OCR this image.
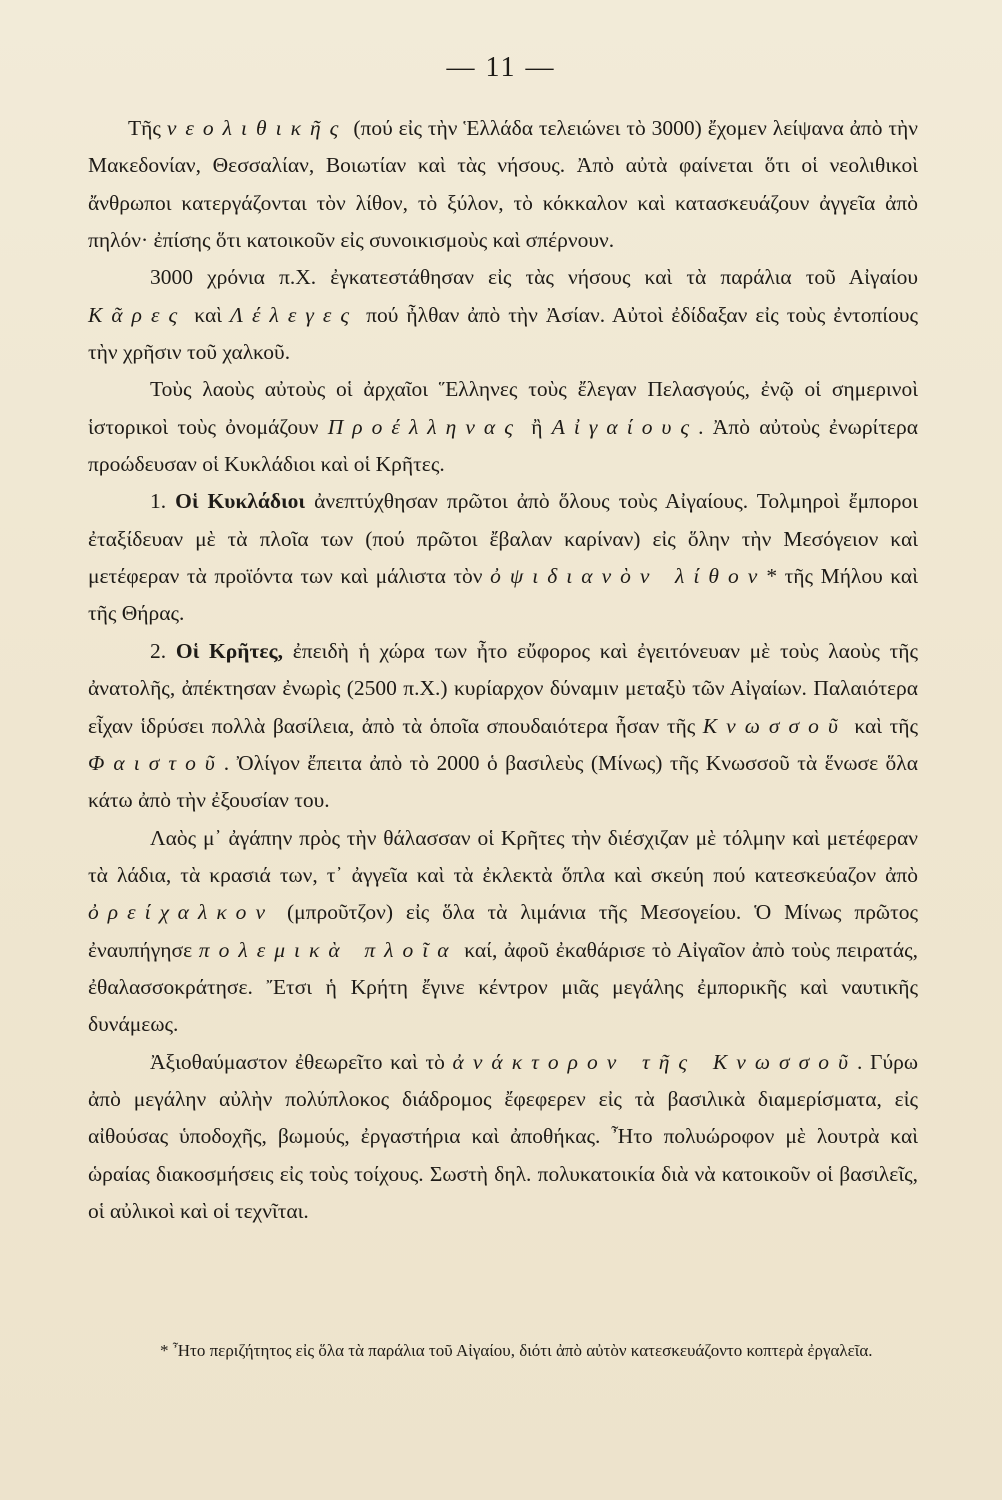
— 11 —

Τῆς νεολιθικῆς (πού εἰς τὴν Ἑλλάδα τελειώνει τὸ 3000) ἔχομεν λείψανα ἀπὸ τὴν Μακεδονίαν, Θεσσαλίαν, Βοιωτίαν καὶ τὰς νήσους. Ἀπὸ αὐτὰ φαίνεται ὅτι οἱ νεολιθικοὶ ἄνθρωποι κατεργάζονται τὸν λίθον, τὸ ξύλον, τὸ κόκκαλον καὶ κατασκευάζουν ἀγγεῖα ἀπὸ πηλόν· ἐπίσης ὅτι κατοικοῦν εἰς συνοικισμοὺς καὶ σπέρνουν.

3000 χρόνια π.Χ. ἐγκατεστάθησαν εἰς τὰς νήσους καὶ τὰ παράλια τοῦ Αἰγαίου Κᾶρες καὶ Λέλεγες πού ἦλθαν ἀπὸ τὴν Ἀσίαν. Αὐτοὶ ἐδίδαξαν εἰς τοὺς ἐντοπίους τὴν χρῆσιν τοῦ χαλκοῦ.

Τοὺς λαοὺς αὐτοὺς οἱ ἀρχαῖοι Ἕλληνες τοὺς ἔλεγαν Πελασγούς, ἐνῷ οἱ σημερινοὶ ἱστορικοὶ τοὺς ὀνομάζουν Προέλληνας ἢ Αἰγαίους. Ἀπὸ αὐτοὺς ἐνωρίτερα προώδευσαν οἱ Κυκλάδιοι καὶ οἱ Κρῆτες.

1. Οἱ Κυκλάδιοι ἀνεπτύχθησαν πρῶτοι ἀπὸ ὅλους τοὺς Αἰγαίους. Τολμηροὶ ἔμποροι ἐταξίδευαν μὲ τὰ πλοῖα των (πού πρῶτοι ἔβαλαν καρίναν) εἰς ὅλην τὴν Μεσόγειον καὶ μετέφεραν τὰ προϊόντα των καὶ μάλιστα τὸν ὀψιδιανὸν λίθον* τῆς Μήλου καὶ τῆς Θήρας.

2. Οἱ Κρῆτες, ἐπειδὴ ἡ χώρα των ἦτο εὔφορος καὶ ἐγειτόνευαν μὲ τοὺς λαοὺς τῆς ἀνατολῆς, ἀπέκτησαν ἐνωρὶς (2500 π.Χ.) κυρίαρχον δύναμιν μεταξὺ τῶν Αἰγαίων. Παλαιότερα εἶχαν ἱδρύσει πολλὰ βασίλεια, ἀπὸ τὰ ὁποῖα σπουδαιότερα ἦσαν τῆς Κνωσσοῦ καὶ τῆς Φαιστοῦ. Ὀλίγον ἔπειτα ἀπὸ τὸ 2000 ὁ βασιλεὺς (Μίνως) τῆς Κνωσσοῦ τὰ ἕνωσε ὅλα κάτω ἀπὸ τὴν ἐξουσίαν του.

Λαὸς μ᾿ ἀγάπην πρὸς τὴν θάλασσαν οἱ Κρῆτες τὴν διέσχιζαν μὲ τόλμην καὶ μετέφεραν τὰ λάδια, τὰ κρασιά των, τ᾿ ἀγγεῖα καὶ τὰ ἐκλεκτὰ ὅπλα καὶ σκεύη πού κατεσκεύαζον ἀπὸ ὀρείχαλκον (μπροῦτζον) εἰς ὅλα τὰ λιμάνια τῆς Μεσογείου. Ὁ Μίνως πρῶτος ἐναυπήγησε πολεμικὰ πλοῖα καί, ἀφοῦ ἐκαθάρισε τὸ Αἰγαῖον ἀπὸ τοὺς πειρατάς, ἐθαλασσοκράτησε. Ἔτσι ἡ Κρήτη ἔγινε κέντρον μιᾶς μεγάλης ἐμπορικῆς καὶ ναυτικῆς δυνάμεως.

Ἀξιοθαύμαστον ἐθεωρεῖτο καὶ τὸ ἀνάκτορον τῆς Κνωσσοῦ. Γύρω ἀπὸ μεγάλην αὐλὴν πολύπλοκος διάδρομος ἔφεφερεν εἰς τὰ βασιλικὰ διαμερίσματα, εἰς αἰθούσας ὑποδοχῆς, βωμούς, ἐργαστήρια καὶ ἀποθήκας. Ἦτο πολυώροφον μὲ λουτρὰ καὶ ὡραίας διακοσμήσεις εἰς τοὺς τοίχους. Σωστὴ δηλ. πολυκατοικία διὰ νὰ κατοικοῦν οἱ βασιλεῖς, οἱ αὐλικοὶ καὶ οἱ τεχνῖται.

* Ἦτο περιζήτητος εἰς ὅλα τὰ παράλια τοῦ Αἰγαίου, διότι ἀπὸ αὐτὸν κατεσκευάζοντο κοπτερὰ ἐργαλεῖα.
